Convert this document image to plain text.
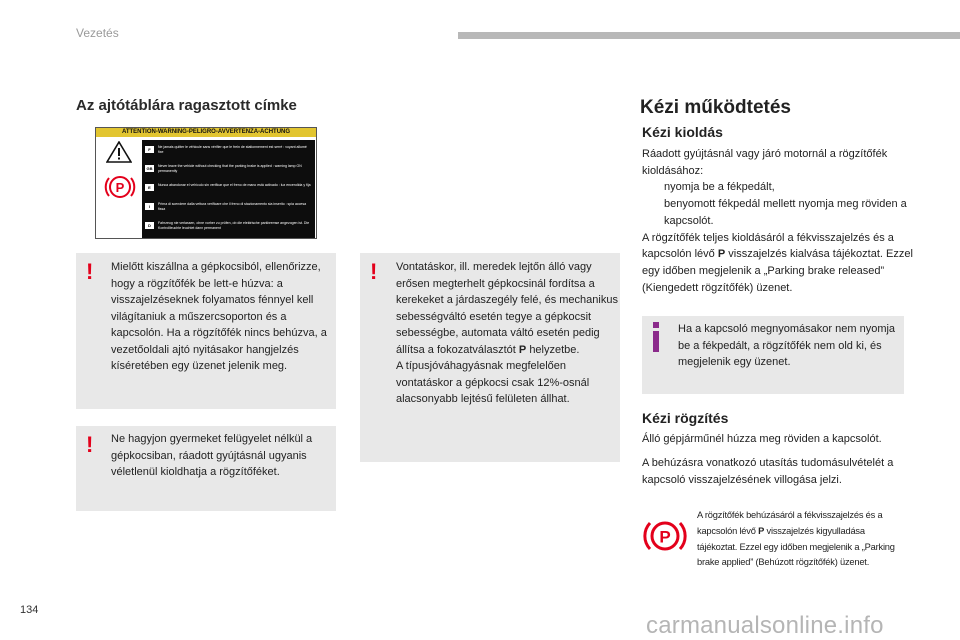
Vezetés
Az ajtótáblára ragasztott címke
ATTENTION-WARNING-PELIGRO-AVVERTENZA-ACHTUNG
P
F	Ne jamais quitter le véhicule sans vérifier que le frein de stationnement est serré : voyant allumé fixe
GB	Never leave the vehicle without checking that the parking brake is applied : warning lamp ON permanently
E	Nunca abandonar el vehículo sin verificar que el freno de mano está activado : luz encendida y fija
I	Prima di scendere dalla vettura verificare che il freno di stazionamento sia inserito : spia accesa fissa
D	Fahrzeug nie verlassen, ohne vorher zu prüfen, ob die elektrische parkbremse angezogen ist. Die Kontrollleuchte leuchtet dann permanent
! Mielőtt kiszállna a gépkocsiból, ellenőrizze, hogy a rögzítőfék be lett-e húzva: a visszajelzéseknek folyamatos fénnyel kell világítaniuk a műszercsoporton és a kapcsolón. Ha a rögzítőfék nincs behúzva, a vezetőoldali ajtó nyitásakor hangjelzés kíséretében egy üzenet jelenik meg.
! Ne hagyjon gyermeket felügyelet nélkül a gépkocsiban, ráadott gyújtásnál ugyanis véletlenül kioldhatja a rögzítőféket.
! Vontatáskor, ill. meredek lejtőn álló vagy erősen megterhelt gépkocsinál fordítsa a kerekeket a járdaszegély felé, és mechanikus sebességváltó esetén tegye a gépkocsit sebességbe, automata váltó esetén pedig állítsa a fokozatválasztót P helyzetbe.
A típusjóváhagyásnak megfelelően vontatáskor a gépkocsi csak 12%-osnál alacsonyabb lejtésű felületen állhat.
Kézi működtetés
Kézi kioldás
Ráadott gyújtásnál vagy járó motornál a rögzítőfék kioldásához:
nyomja be a fékpedált,
benyomott fékpedál mellett nyomja meg röviden a kapcsolót.
A rögzítőfék teljes kioldásáról a fékvisszajelzés és a kapcsolón lévő P visszajelzés kialvása tájékoztat. Ezzel egy időben megjelenik a „Parking brake released” (Kiengedett rögzítőfék) üzenet.
Ha a kapcsoló megnyomásakor nem nyomja be a fékpedált, a rögzítőfék nem old ki, és megjelenik egy üzenet.
Kézi rögzítés
Álló gépjárműnél húzza meg röviden a kapcsolót.
A behúzásra vonatkozó utasítás tudomásulvételét a kapcsoló visszajelzésének villogása jelzi.
P
A rögzítőfék behúzásáról a fékvisszajelzés és a kapcsolón lévő P visszajelzés kigyulladása tájékoztat. Ezzel egy időben megjelenik a „Parking brake applied” (Behúzott rögzítőfék) üzenet.
134
carmanualsonline.info
